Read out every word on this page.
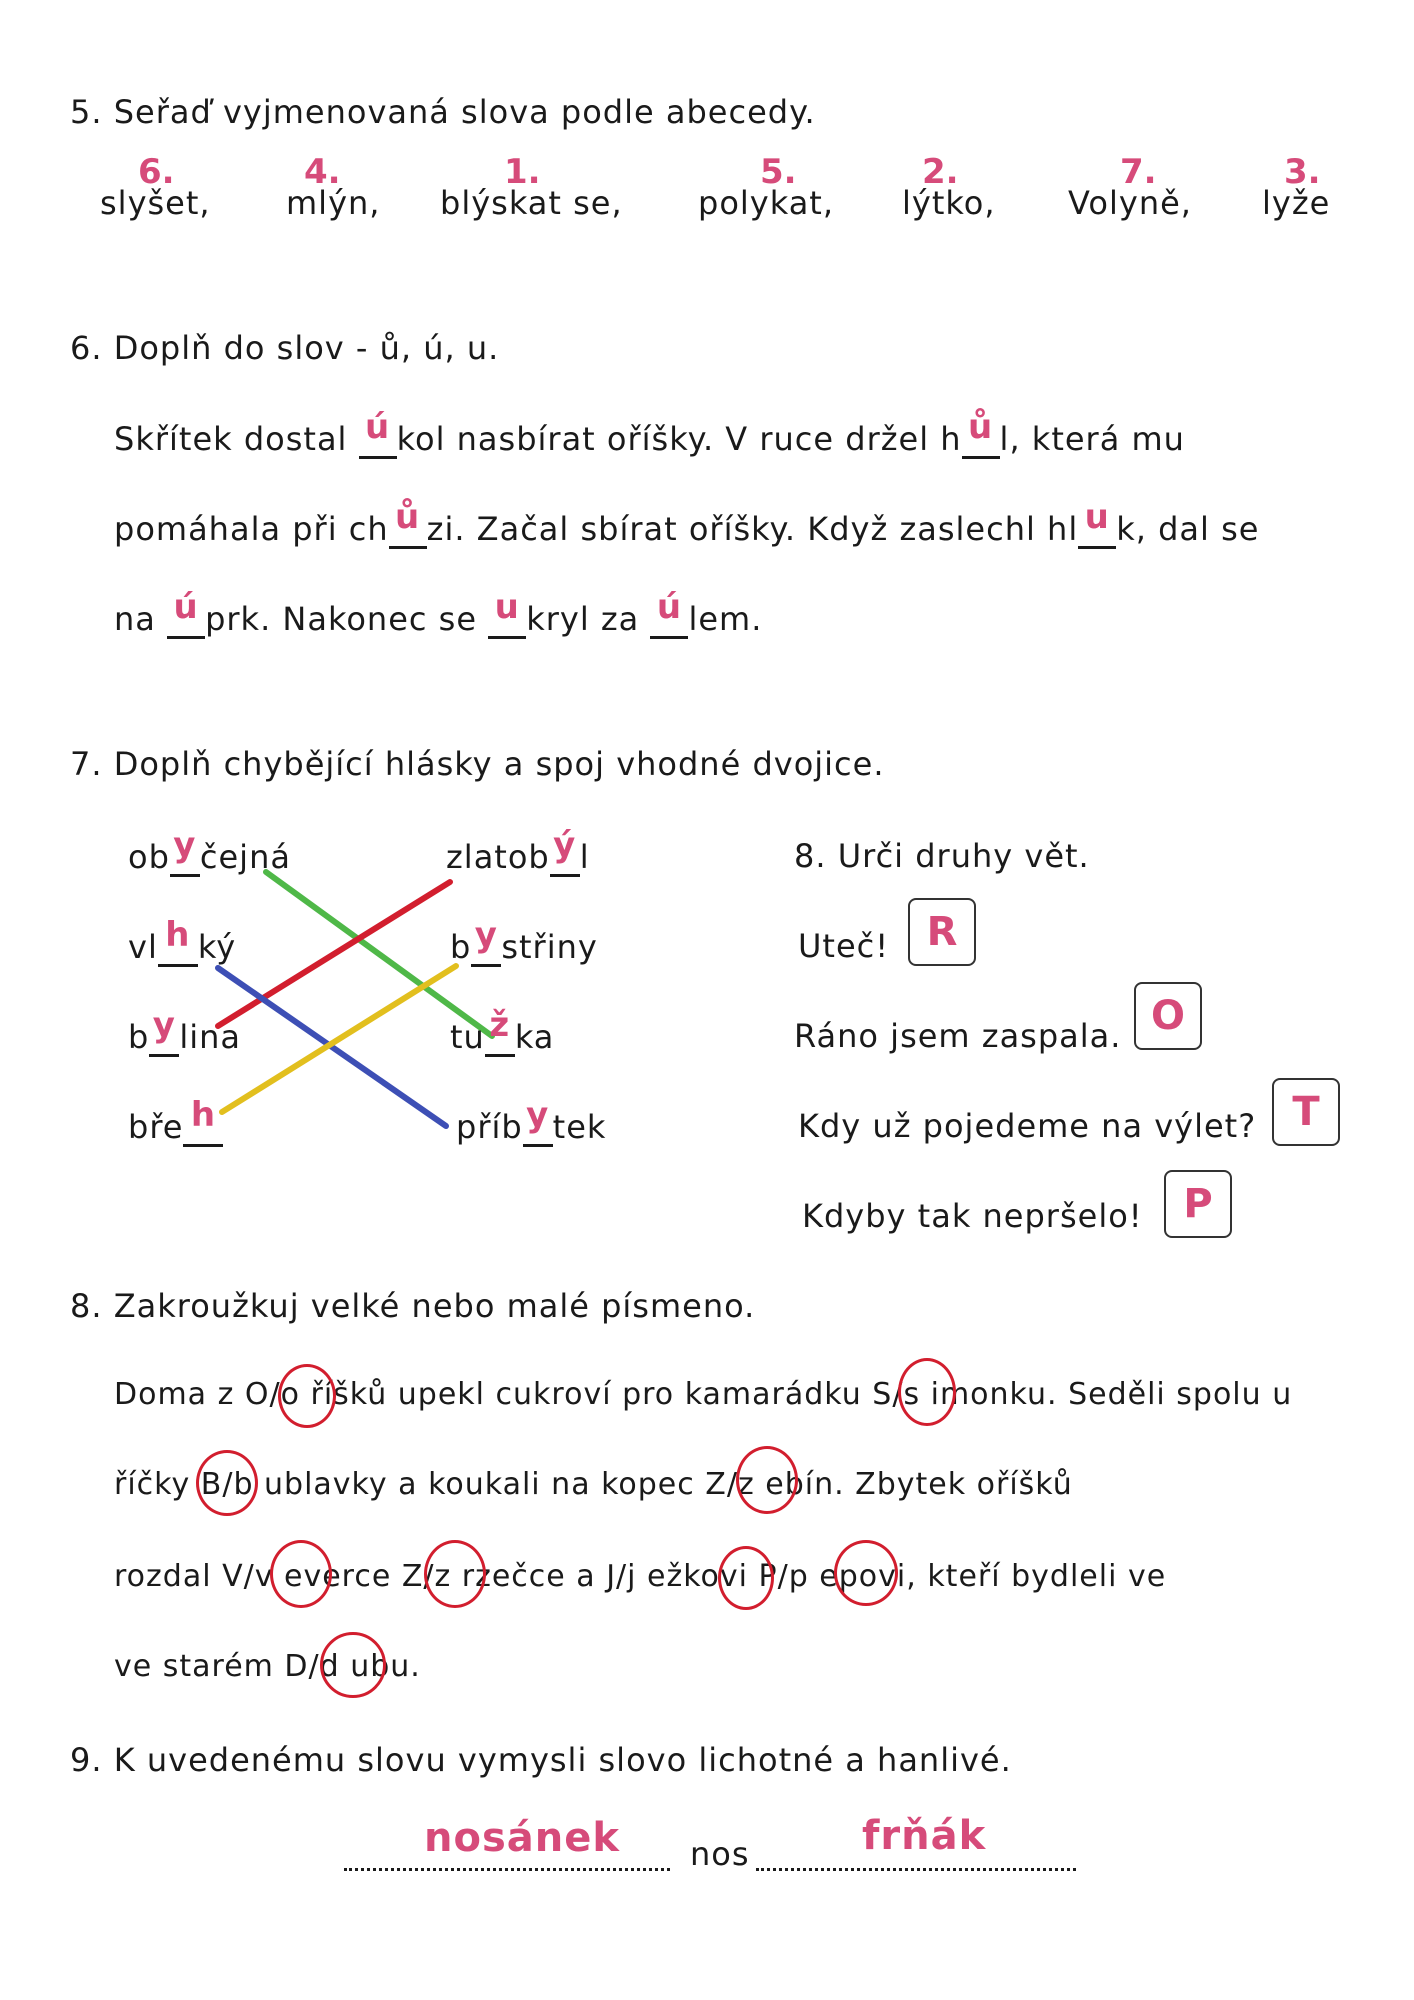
5. Seřaď vyjmenovaná slova podle abecedy.
6.
slyšet,
4.
mlýn,
1.
blýskat se,
5.
polykat,
2.
lýtko,
7.
Volyně,
3.
lyže
6. Doplň do slov - ů, ú, u.
Skřítek dostal ú kol nasbírat oříšky. V ruce držel h ů l, která mu
pomáhala při ch ů zi. Začal sbírat oříšky. Když zaslechl hl u k, dal se
na ú prk. Nakonec se u kryl za ú lem.
7. Doplň chybějící hlásky a spoj vhodné dvojice.
ob y čejná
vl h ký
b y lina
bře h
zlatob ý l
b y střiny
tu ž ka
příb y tek
8. Urči druhy vět.
Uteč! R
Ráno jsem zaspala. O
Kdy už pojedeme na výlet? T
Kdyby tak nepršelo!	P
8. Zakroužkuj velké nebo malé písmeno.
Doma z O/o říšků upekl cukroví pro kamarádku S/s imonku. Seděli spolu u
říčky B/b ublavky a koukali na kopec Z/z ebín. Zbytek oříšků
rozdal V/v everce Z/z rzečce a J/j ežkovi P/p epovi, kteří bydleli ve
ve starém D/d ubu.
9. K uvedenému slovu vymysli slovo lichotné a hanlivé.
nosánek nos	frňák
